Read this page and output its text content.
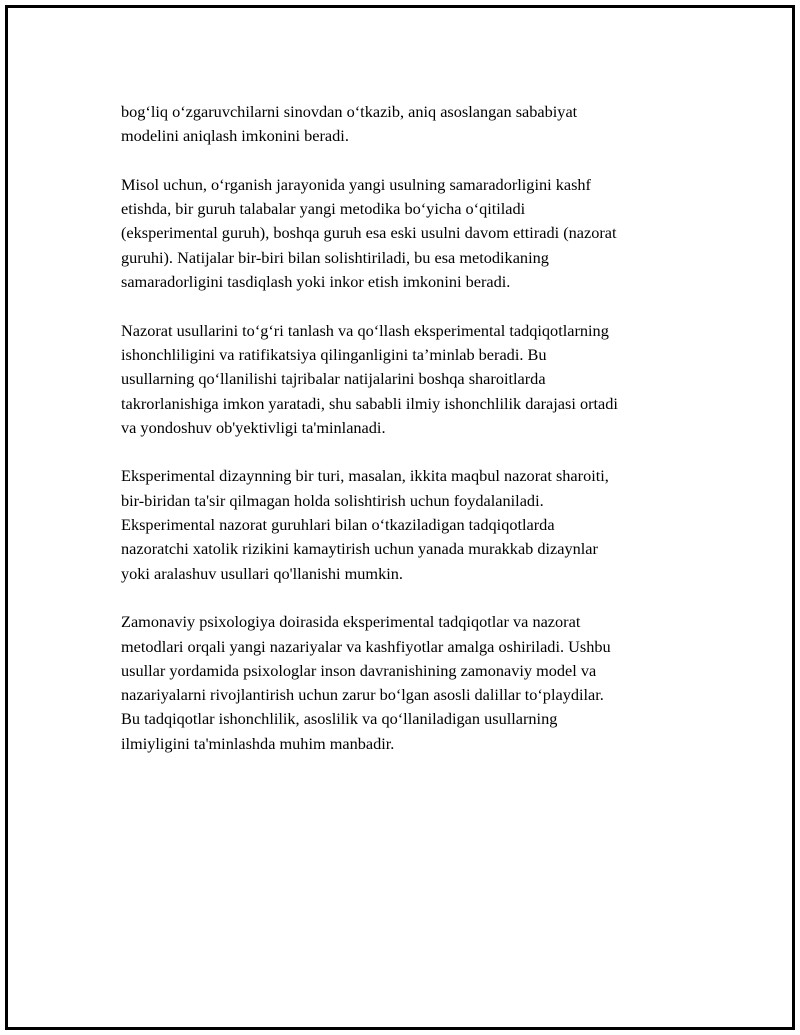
bog‘liq o‘zgaruvchilarni sinovdan o‘tkazib, aniq asoslangan sababiyat
modelini aniqlash imkonini beradi.

Misol uchun, o‘rganish jarayonida yangi usulning samaradorligini kashf
etishda, bir guruh talabalar yangi metodika bo‘yicha o‘qitiladi
(eksperimental guruh), boshqa guruh esa eski usulni davom ettiradi (nazorat
guruhi). Natijalar bir-biri bilan solishtiriladi, bu esa metodikaning
samaradorligini tasdiqlash yoki inkor etish imkonini beradi.

Nazorat usullarini to‘g‘ri tanlash va qo‘llash eksperimental tadqiqotlarning
ishonchliligini va ratifikatsiya qilinganligini ta’minlab beradi. Bu
usullarning qo‘llanilishi tajribalar natijalarini boshqa sharoitlarda
takrorlanishiga imkon yaratadi, shu sababli ilmiy ishonchlilik darajasi ortadi
va yondoshuv ob'yektivligi ta'minlanadi.

Eksperimental dizaynning bir turi, masalan, ikkita maqbul nazorat sharoiti,
bir-biridan ta'sir qilmagan holda solishtirish uchun foydalaniladi.
Eksperimental nazorat guruhlari bilan o‘tkaziladigan tadqiqotlarda
nazoratchi xatolik rizikini kamaytirish uchun yanada murakkab dizaynlar
yoki aralashuv usullari qo'llanishi mumkin.

Zamonaviy psixologiya doirasida eksperimental tadqiqotlar va nazorat
metodlari orqali yangi nazariyalar va kashfiyotlar amalga oshiriladi. Ushbu
usullar yordamida psixologlar inson davranishining zamonaviy model va
nazariyalarni rivojlantirish uchun zarur bo‘lgan asosli dalillar to‘playdilar.
Bu tadqiqotlar ishonchlilik, asoslilik va qo‘llaniladigan usullarning
ilmiyligini ta'minlashda muhim manbadir.
